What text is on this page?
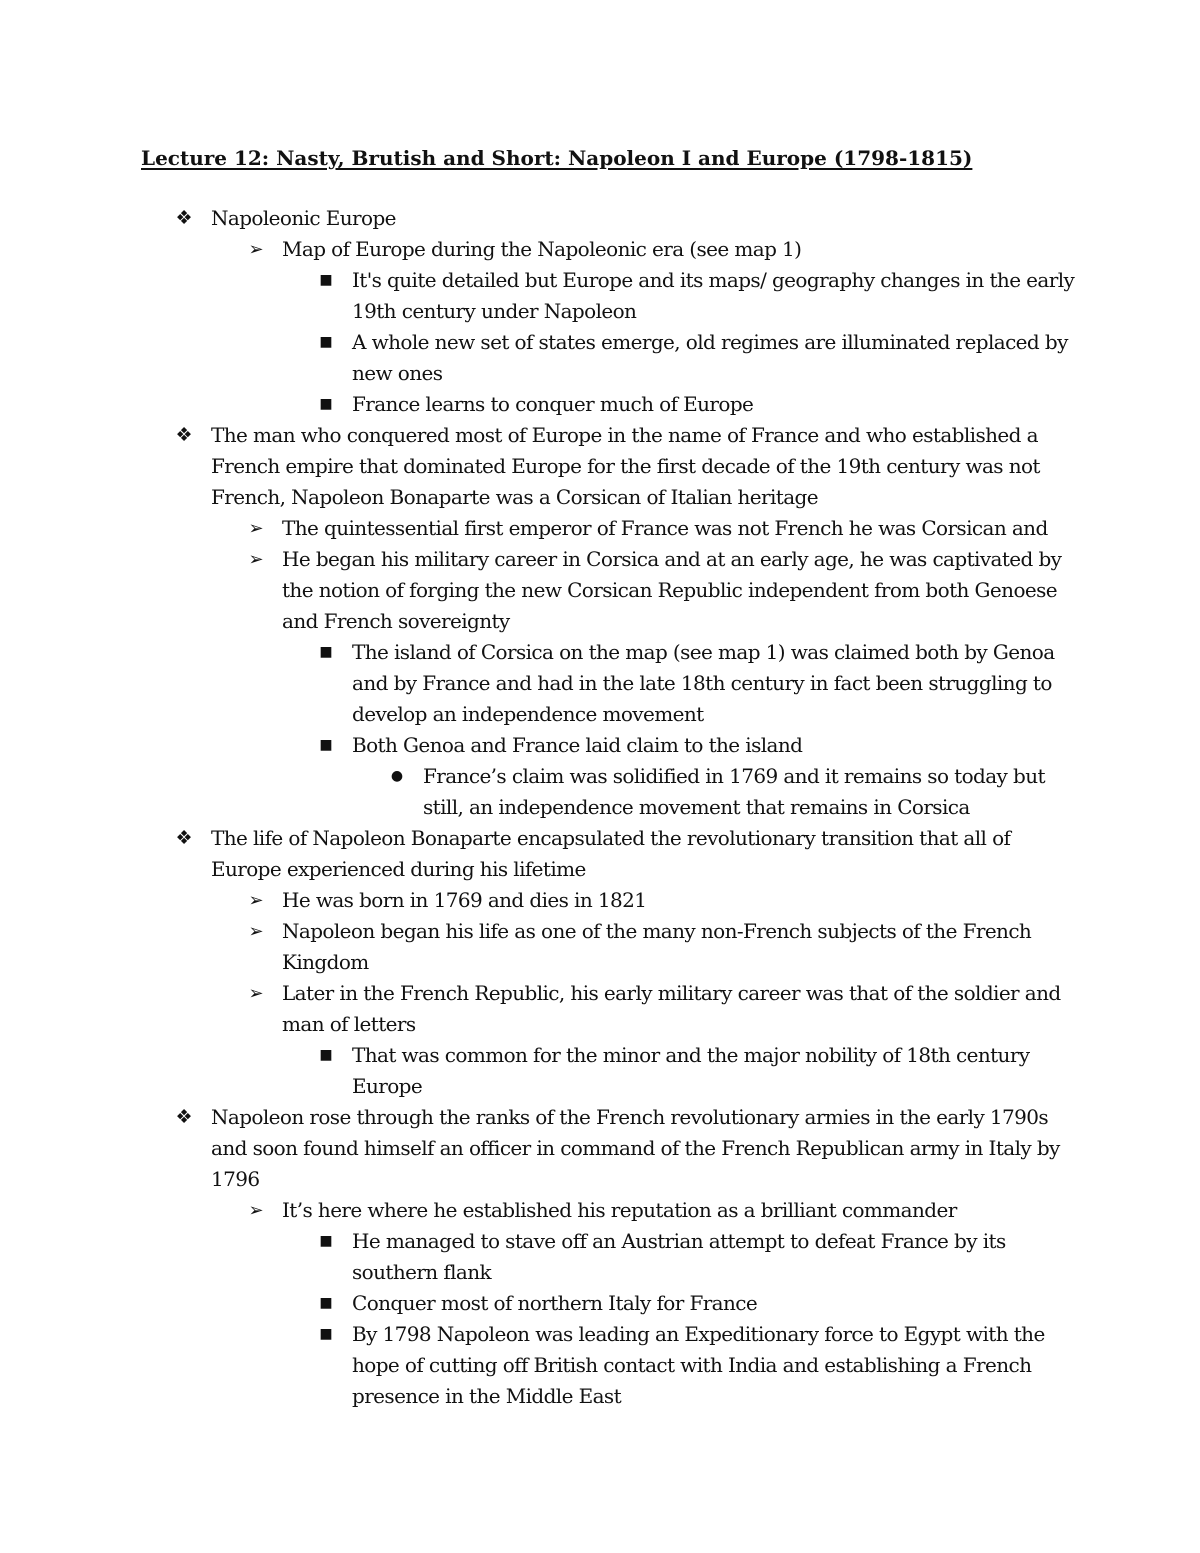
Lecture 12: Nasty, Brutish and Short: Napoleon I and Europe (1798-1815)
❖ Napoleonic Europe
➢ Map of Europe during the Napoleonic era (see map 1)
■ It's quite detailed but Europe and its maps/ geography changes in the early
19th century under Napoleon
■ A whole new set of states emerge, old regimes are illuminated replaced by
new ones
■ France learns to conquer much of Europe
❖ The man who conquered most of Europe in the name of France and who established a
French empire that dominated Europe for the first decade of the 19th century was not
French, Napoleon Bonaparte was a Corsican of Italian heritage
➢ The quintessential first emperor of France was not French he was Corsican and
➢ He began his military career in Corsica and at an early age, he was captivated by
the notion of forging the new Corsican Republic independent from both Genoese
and French sovereignty
■ The island of Corsica on the map (see map 1) was claimed both by Genoa
and by France and had in the late 18th century in fact been struggling to
develop an independence movement
■ Both Genoa and France laid claim to the island
● France’s claim was solidified in 1769 and it remains so today but
still, an independence movement that remains in Corsica
❖ The life of Napoleon Bonaparte encapsulated the revolutionary transition that all of
Europe experienced during his lifetime
➢ He was born in 1769 and dies in 1821
➢ Napoleon began his life as one of the many non-French subjects of the French
Kingdom
➢ Later in the French Republic, his early military career was that of the soldier and
man of letters
■ That was common for the minor and the major nobility of 18th century
Europe
❖ Napoleon rose through the ranks of the French revolutionary armies in the early 1790s
and soon found himself an officer in command of the French Republican army in Italy by
1796
➢ It’s here where he established his reputation as a brilliant commander
■ He managed to stave off an Austrian attempt to defeat France by its
southern flank
■ Conquer most of northern Italy for France
■ By 1798 Napoleon was leading an Expeditionary force to Egypt with the
hope of cutting off British contact with India and establishing a French
presence in the Middle East
